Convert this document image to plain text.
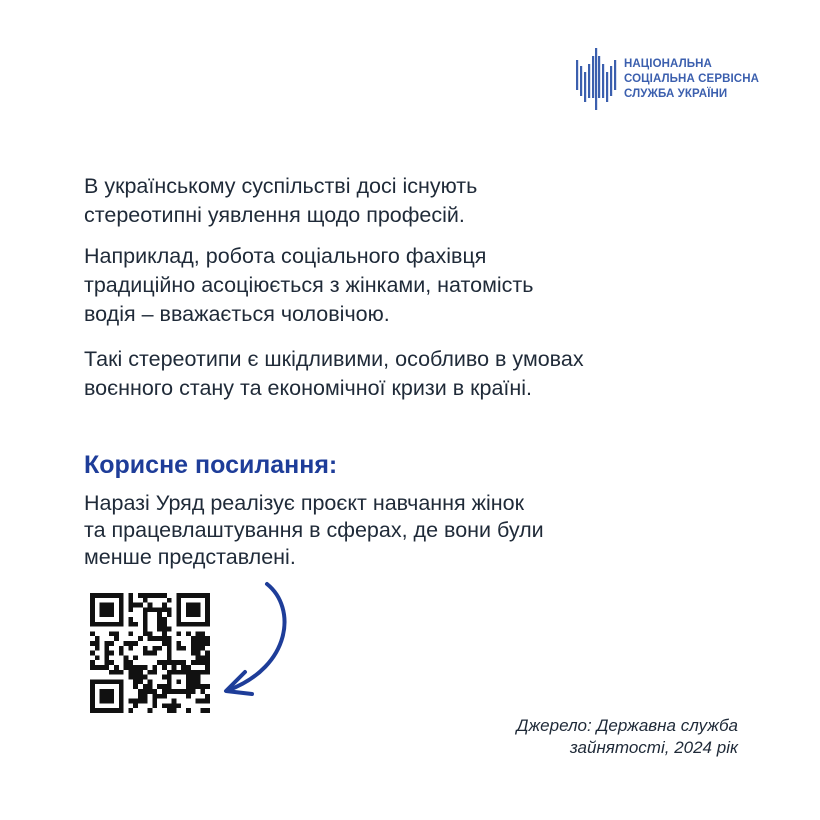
НАЦІОНАЛЬНА
СОЦІАЛЬНА СЕРВІСНА
СЛУЖБА УКРАЇНИ
В українському суспільстві досі існують
стереотипні уявлення щодо професій.
Наприклад, робота соціального фахівця
традиційно асоціюється з жінками, натомість
водія – вважається чоловічою.
Такі стереотипи є шкідливими, особливо в умовах
воєнного стану та економічної кризи в країні.
Корисне посилання:
Наразі Уряд реалізує проєкт навчання жінок
та працевлаштування в сферах, де вони були
менше представлені.
Джерело: Державна служба
зайнятості, 2024 рік
